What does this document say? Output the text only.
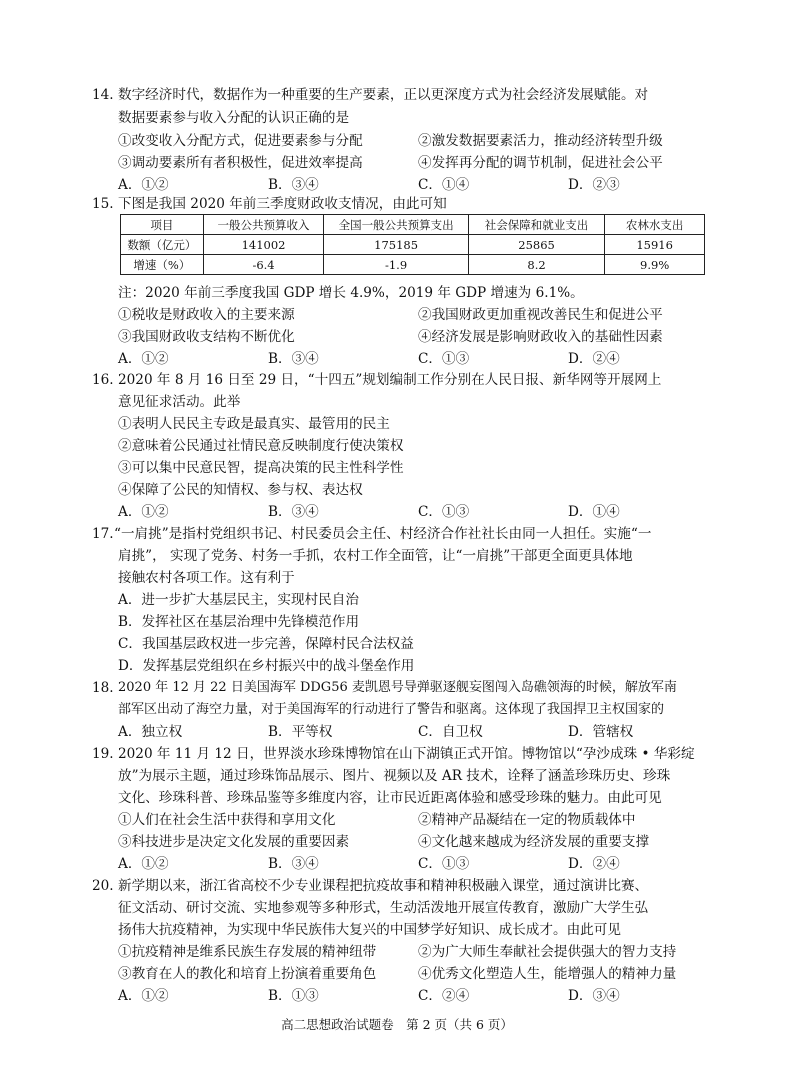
14. 数字经济时代，数据作为一种重要的生产要素，正以更深度方式为社会经济发展赋能。对
数据要素参与收入分配的认识正确的是
①改变收入分配方式，促进要素参与分配	②激发数据要素活力，推动经济转型升级
③调动要素所有者积极性，促进效率提高	④发挥再分配的调节机制，促进社会公平
A．①②	B．③④	C．①④	D．②③
15. 下图是我国 2020 年前三季度财政收支情况，由此可知
项目	一般公共预算收入	全国一般公共预算支出	社会保障和就业支出	农林水支出
数额（亿元）	141002	175185	25865	15916
增速（%）	-6.4	-1.9	8.2	9.9%
注：2020 年前三季度我国 GDP 增长 4.9%，2019 年 GDP 增速为 6.1%。
①税收是财政收入的主要来源	②我国财政更加重视改善民生和促进公平
③我国财政收支结构不断优化	④经济发展是影响财政收入的基础性因素
A．①②	B．③④	C．①③	D．②④
16. 2020 年 8 月 16 日至 29 日，“十四五”规划编制工作分别在人民日报、新华网等开展网上
意见征求活动。此举
①表明人民民主专政是最真实、最管用的民主
②意味着公民通过社情民意反映制度行使决策权
③可以集中民意民智，提高决策的民主性科学性
④保障了公民的知情权、参与权、表达权
A．①②	B．③④	C．①③	D．①④
17. “一肩挑”是指村党组织书记、村民委员会主任、村经济合作社社长由同一人担任。实施“一
肩挑”， 实现了党务、村务一手抓，农村工作全面管，让“一肩挑”干部更全面更具体地
接触农村各项工作。这有利于
A．进一步扩大基层民主，实现村民自治
B．发挥社区在基层治理中先锋模范作用
C．我国基层政权进一步完善，保障村民合法权益
D．发挥基层党组织在乡村振兴中的战斗堡垒作用
18. 2020 年 12 月 22 日美国海军 DDG56 麦凯恩号导弹驱逐舰妄图闯入岛礁领海的时候，解放军南
部军区出动了海空力量，对于美国海军的行动进行了警告和驱离。这体现了我国捍卫主权国家的
A．独立权	B．平等权	C．自卫权	D．管辖权
19. 2020 年 11 月 12 日，世界淡水珍珠博物馆在山下湖镇正式开馆。博物馆以“孕沙成珠 • 华彩绽
放”为展示主题，通过珍珠饰品展示、图片、视频以及 AR 技术，诠释了涵盖珍珠历史、珍珠
文化、珍珠科普、珍珠品鉴等多维度内容，让市民近距离体验和感受珍珠的魅力。由此可见
①人们在社会生活中获得和享用文化	②精神产品凝结在一定的物质载体中
③科技进步是决定文化发展的重要因素	④文化越来越成为经济发展的重要支撑
A．①②	B．③④	C．①③	D．②④
20. 新学期以来，浙江省高校不少专业课程把抗疫故事和精神积极融入课堂，通过演讲比赛、
征文活动、研讨交流、实地参观等多种形式，生动活泼地开展宣传教育，激励广大学生弘
扬伟大抗疫精神，为实现中华民族伟大复兴的中国梦学好知识、成长成才。由此可见
①抗疫精神是维系民族生存发展的精神纽带	②为广大师生奉献社会提供强大的智力支持
③教育在人的教化和培育上扮演着重要角色	④优秀文化塑造人生，能增强人的精神力量
A．①②	B．①③	C．②④	D．③④
高二思想政治试题卷　第 2 页（共 6 页）
